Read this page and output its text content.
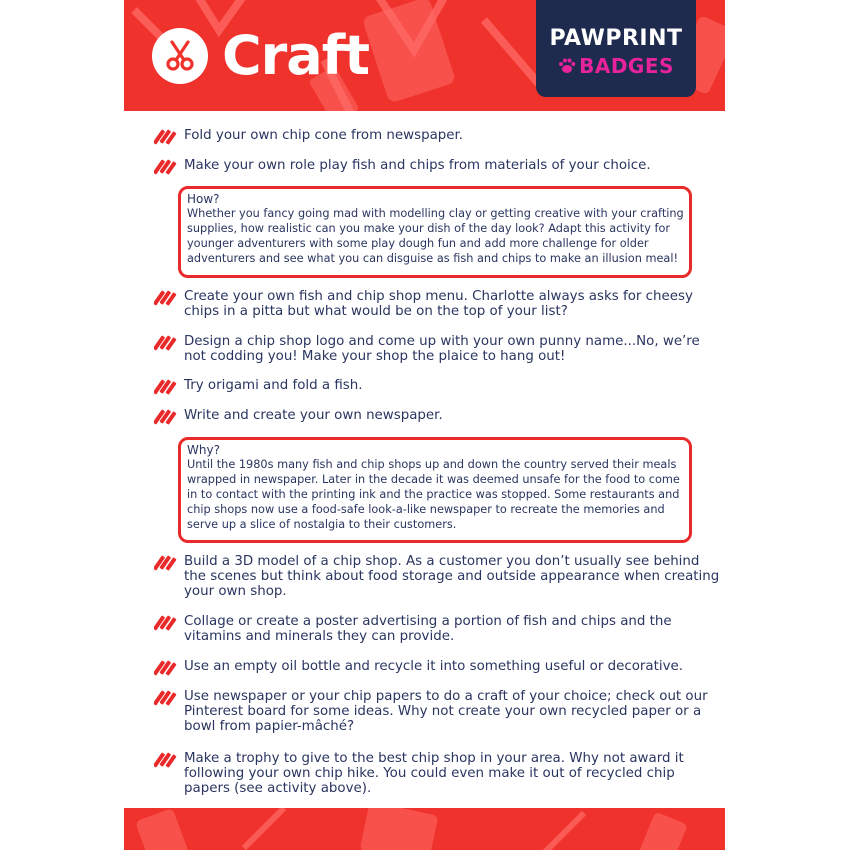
Craft	PAWPRINT
BADGES
Fold your own chip cone from newspaper.
Make your own role play fish and chips from materials of your choice.
How?
Whether you fancy going mad with modelling clay or getting creative with your crafting supplies, how realistic can you make your dish of the day look? Adapt this activity for younger adventurers with some play dough fun and add more challenge for older adventurers and see what you can disguise as fish and chips to make an illusion meal!
Create your own fish and chip shop menu. Charlotte always asks for cheesy chips in a pitta but what would be on the top of your list?
Design a chip shop logo and come up with your own punny name...No, we’re not codding you! Make your shop the plaice to hang out!
Try origami and fold a fish.
Write and create your own newspaper.
Why?
Until the 1980s many fish and chip shops up and down the country served their meals wrapped in newspaper. Later in the decade it was deemed unsafe for the food to come in to contact with the printing ink and the practice was stopped. Some restaurants and chip shops now use a food-safe look-a-like newspaper to recreate the memories and serve up a slice of nostalgia to their customers.
Build a 3D model of a chip shop. As a customer you don’t usually see behind the scenes but think about food storage and outside appearance when creating your own shop.
Collage or create a poster advertising a portion of fish and chips and the vitamins and minerals they can provide.
Use an empty oil bottle and recycle it into something useful or decorative.
Use newspaper or your chip papers to do a craft of your choice; check out our Pinterest board for some ideas. Why not create your own recycled paper or a bowl from papier-mâché?
Make a trophy to give to the best chip shop in your area. Why not award it following your own chip hike. You could even make it out of recycled chip papers (see activity above).
